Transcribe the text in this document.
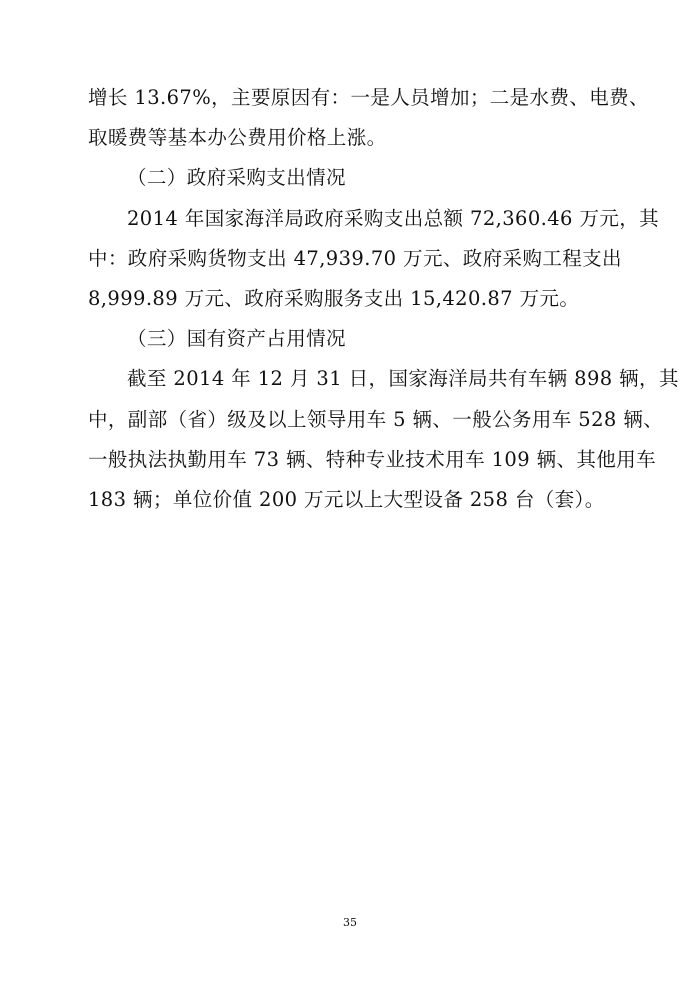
增长 13.67%，主要原因有：一是人员增加；二是水费、电费、
取暖费等基本办公费用价格上涨。
（二）政府采购支出情况
2014 年国家海洋局政府采购支出总额 72,360.46 万元，其
中：政府采购货物支出 47,939.70 万元、政府采购工程支出
8,999.89 万元、政府采购服务支出 15,420.87 万元。
（三）国有资产占用情况
截至 2014 年 12 月 31 日，国家海洋局共有车辆 898 辆，其
中，副部（省）级及以上领导用车 5 辆、一般公务用车 528 辆、
一般执法执勤用车 73 辆、特种专业技术用车 109 辆、其他用车
183 辆；单位价值 200 万元以上大型设备 258 台（套）。
35
